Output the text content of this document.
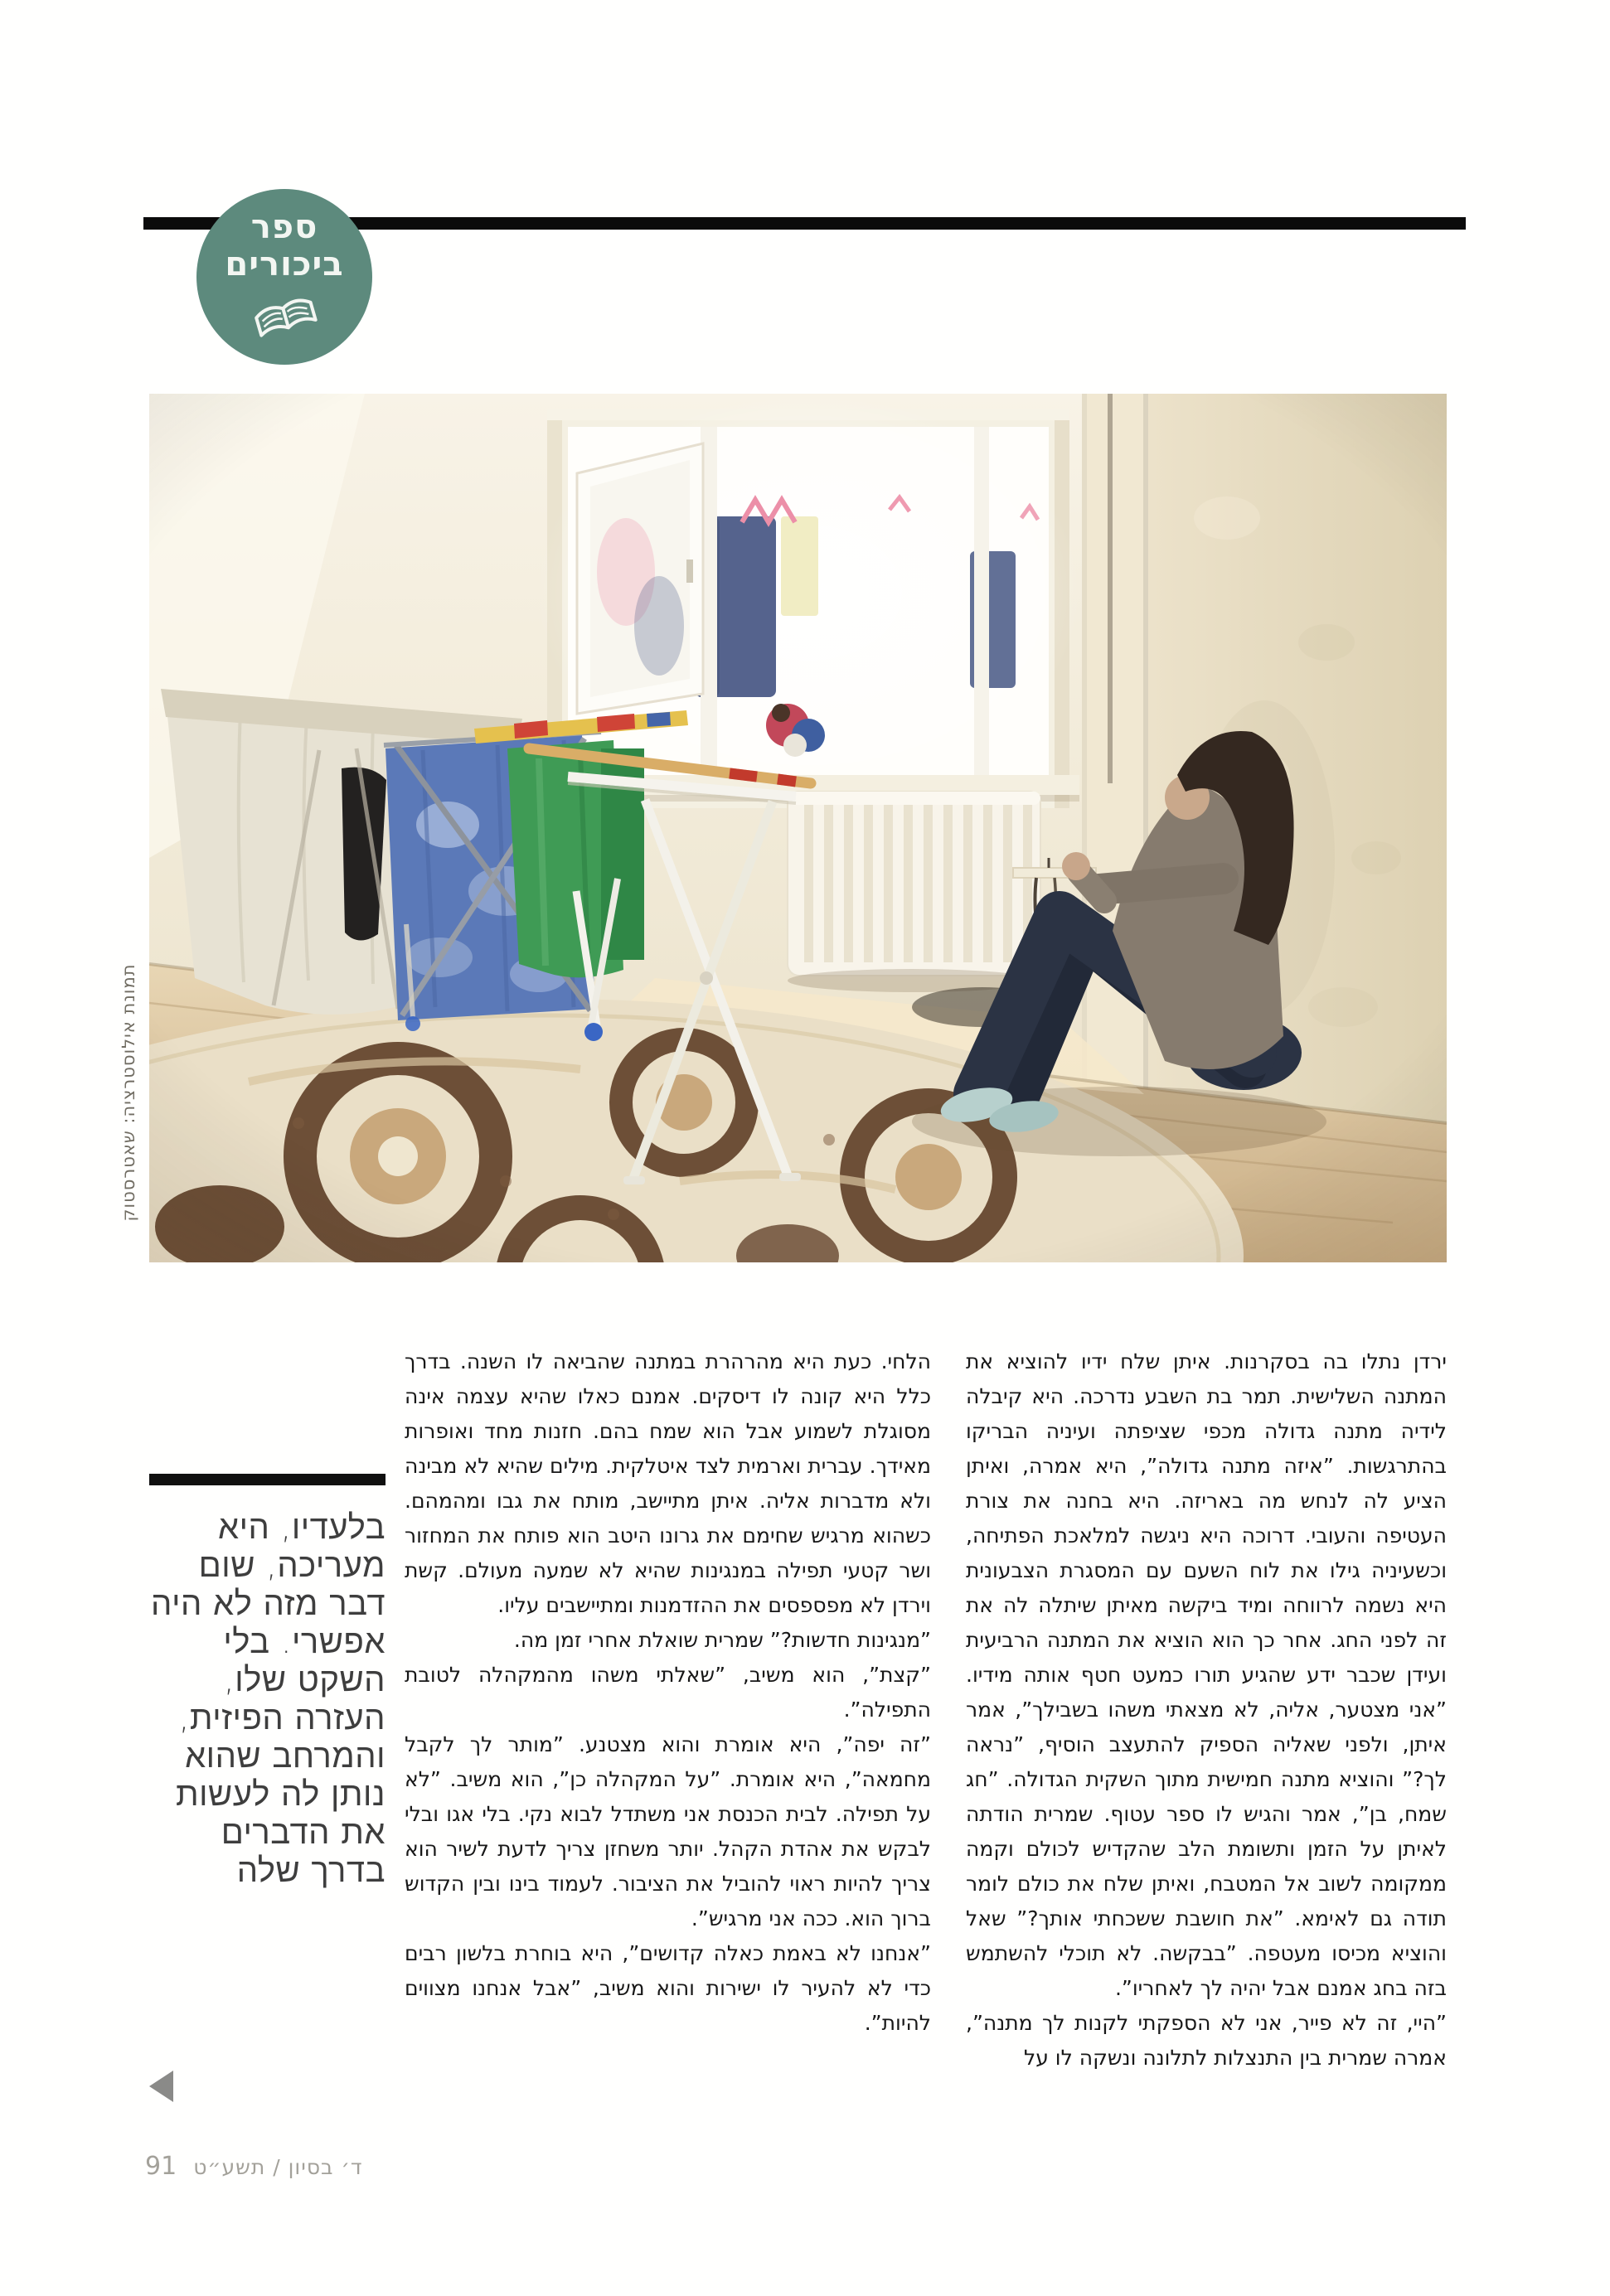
ספר
ביכורים
תמונת אילוסטרציה: שאטרסטוק

ירדן נתלו בה בסקרנות. איתן שלח ידיו להוציא את המתנה השלישית. תמר בת השבע נדרכה. היא קיבלה לידיה מתנה גדולה מכפי שציפתה ועיניה הבריקו בהתרגשות. ”איזה מתנה גדולה”, היא אמרה, ואיתן הציע לה לנחש מה באריזה. היא בחנה את צורת העטיפה והעובי. דרוכה היא ניגשה למלאכת הפתיחה, וכשעיניה גילו את לוח השעם עם המסגרת הצבעונית היא נשמה לרווחה ומיד ביקשה מאיתן שיתלה לה את זה לפני החג. אחר כך הוא הוציא את המתנה הרביעית ועידן שכבר ידע שהגיע תורו כמעט חטף אותה מידיו. ”אני מצטער, אליה, לא מצאתי משהו בשבילך”, אמר איתן, ולפני שאליה הספיק להתעצב הוסיף, ”נראה לך?” והוציא מתנה חמישית מתוך השקית הגדולה. ”חג שמח, בן”, אמר והגיש לו ספר עטוף. שמרית הודתה לאיתן על הזמן ותשומת הלב שהקדיש לכולם וקמה ממקומה לשוב אל המטבח, ואיתן שלח את כולם לומר תודה גם לאימא. ”את חושבת ששכחתי אותך?” שאל והוציא מכיסו מעטפה. ”בבקשה. לא תוכלי להשתמש בזה בחג אמנם אבל יהיה לך לאחריו”.

”היי, זה לא פייר, אני לא הספקתי לקנות לך מתנה”, אמרה שמרית בין התנצלות לתלונה ונשקה לו על

הלחי. כעת היא מהרהרת במתנה שהביאה לו השנה. בדרך כלל היא קונה לו דיסקים. אמנם כאלו שהיא עצמה אינה מסוגלת לשמוע אבל הוא שמח בהם. חזנות מחד ואופרות מאידך. עברית וארמית לצד איטלקית. מילים שהיא לא מבינה ולא מדברות אליה. איתן מתיישב, מותח את גבו ומהמהם. כשהוא מרגיש שחימם את גרונו היטב הוא פותח את המחזור ושר קטעי תפילה במנגינות שהיא לא שמעה מעולם. קשת וירדן לא מפספסים את ההזדמנות ומתיישבים עליו.

”מנגינות חדשות?” שמרית שואלת אחרי זמן מה.

”קצת”, הוא משיב, ”שאלתי משהו מהמקהלה לטובת התפילה”.

”זה יפה”, היא אומרת והוא מצטנע. ”מותר לך לקבל מחמאה”, היא אומרת. ”על המקהלה כן”, הוא משיב. ”לא על תפילה. לבית הכנסת אני משתדל לבוא נקי. בלי אגו ובלי לבקש את אהדת הקהל. יותר משחזן צריך לדעת לשיר הוא צריך להיות ראוי להוביל את הציבור. לעמוד בינו ובין הקדוש ברוך הוא. ככה אני מרגיש”.

”אנחנו לא באמת כאלה קדושים”, היא בוחרת בלשון רבים כדי לא להעיר לו ישירות והוא משיב, ”אבל אנחנו מצווים להיות”.

בלעדיו, היא מעריכה, שום דבר מזה לא היה אפשרי. בלי השקט שלו, העזרה הפיזית, והמרחב שהוא נותן לה לעשות את הדברים בדרך שלה
91 ד׳ בסיון / תשע״ט
